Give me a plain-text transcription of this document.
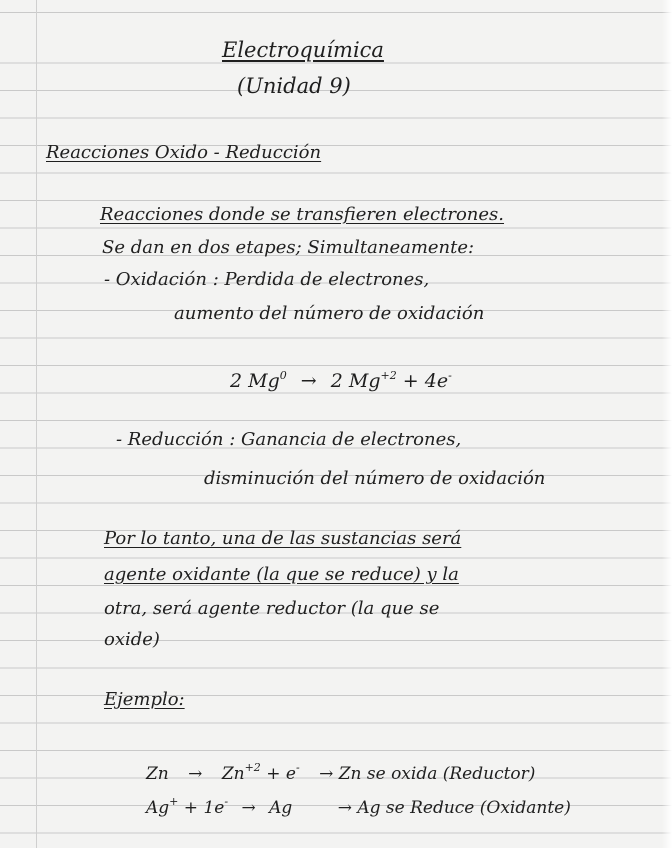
Electroquímica
(Unidad 9)
Reacciones Oxido - Reducción
Reacciones donde se transfieren electrones.
Se dan en dos etapes; Simultaneamente:
- Oxidación : Perdida de electrones,
aumento del número de oxidación
2 $Mg^0 \to 2$ $Mg^{+2} + 4e^-$
- Reducción : Ganancia de electrones,
disminución del número de oxidación
Por lo tanto, una de las sustancias será
agente oxidante (la que se reduce) y la
otra, será agente reductor (la que se
oxide)
Ejemplo:
$Zn \to Zn^{+2} + e^- \to Zn$ se oxida (Reductor)
Ag+ + 1e- → Ag	→ Ag se Reduce (Oxidante)
